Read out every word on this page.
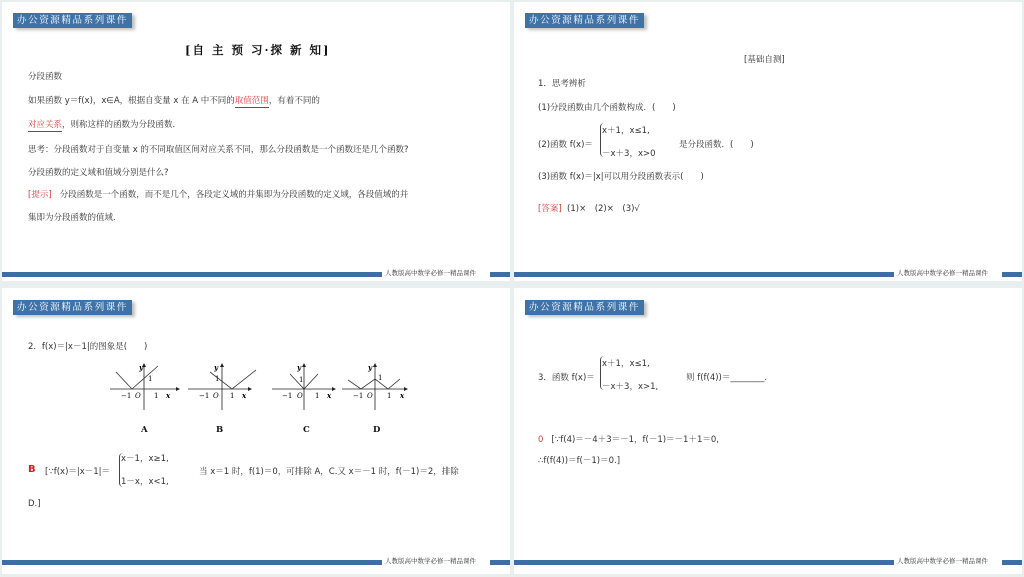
办公资源精品系列课件
[自 主 预 习·探 新 知]
分段函数
如果函数 y＝f(x)，x∈A，根据自变量 x 在 A 中不同的取值范围，有着不同的
对应关系，则称这样的函数为分段函数．
思考：分段函数对于自变量 x 的不同取值区间对应关系不同，那么分段函数是一个函数还是几个函数?
分段函数的定义域和值域分别是什么?
[提示] 分段函数是一个函数，而不是几个，各段定义域的并集即为分段函数的定义域，各段值域的并
集即为分段函数的值域．
人教版高中数学必修一精品课件
办公资源精品系列课件
[基础自测]
1．思考辨析
(1)分段函数由几个函数构成．(　　)
(2)函数 f(x)＝
x＋1，x≤1,
－x＋3，x>0
是分段函数．(　　)
(3)函数 f(x)＝|x|可以用分段函数表示(　　)
[答案] (1)×　(2)×　(3)√
人教版高中数学必修一精品课件
办公资源精品系列课件
2．f(x)＝|x－1|的图象是(　　)
y
1
−1 O 1 x
A
y
1
−1 O 1 x
B
y
1
−1 O 1 x
C
y
1
−1 O 1 x
D
B [∵f(x)＝|x－1|＝
x－1，x≥1,
1－x，x<1,
当 x＝1 时，f(1)＝0，可排除 A，C.又 x＝－1 时，f(－1)＝2，排除
D.]
人教版高中数学必修一精品课件
办公资源精品系列课件
3．函数 f(x)＝
x＋1，x≤1,
－x＋3，x>1,
则 f(f(4))＝________.
0 [∵f(4)＝－4＋3＝－1，f(－1)＝－1＋1＝0,
∴f(f(4))＝f(－1)＝0.]
人教版高中数学必修一精品课件
